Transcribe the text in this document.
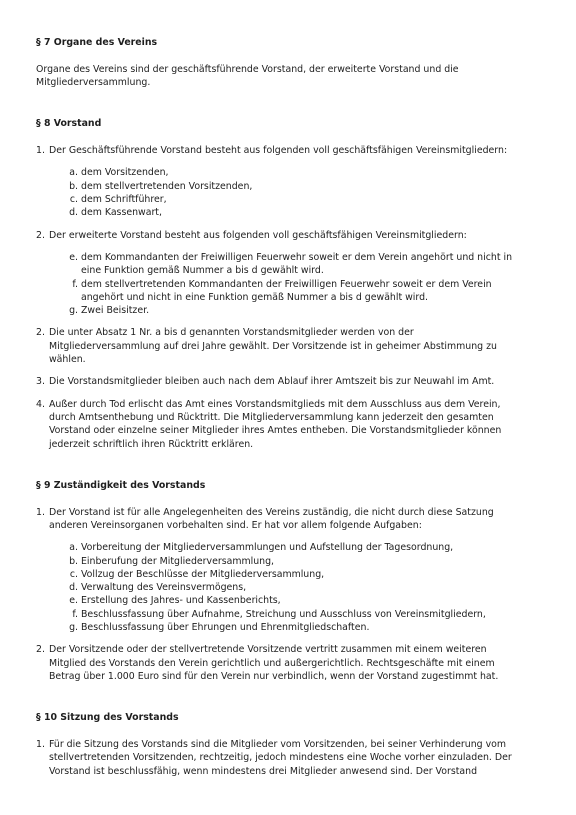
§ 7 Organe des Vereins
Organe des Vereins sind der geschäftsführende Vorstand, der erweiterte Vorstand und die
Mitgliederversammlung.
§ 8 Vorstand
1. Der Geschäftsführende Vorstand besteht aus folgenden voll geschäftsfähigen Vereinsmitgliedern:
a. dem Vorsitzenden,
b. dem stellvertretenden Vorsitzenden,
c. dem Schriftführer,
d. dem Kassenwart,
2. Der erweiterte Vorstand besteht aus folgenden voll geschäftsfähigen Vereinsmitgliedern:
e. dem Kommandanten der Freiwilligen Feuerwehr soweit er dem Verein angehört und nicht in
eine Funktion gemäß Nummer a bis d gewählt wird.
f. dem stellvertretenden Kommandanten der Freiwilligen Feuerwehr soweit er dem Verein
angehört und nicht in eine Funktion gemäß Nummer a bis d gewählt wird.
g. Zwei Beisitzer.
2. Die unter Absatz 1 Nr. a bis d genannten Vorstandsmitglieder werden von der
Mitgliederversammlung auf drei Jahre gewählt. Der Vorsitzende ist in geheimer Abstimmung zu
wählen.
3. Die Vorstandsmitglieder bleiben auch nach dem Ablauf ihrer Amtszeit bis zur Neuwahl im Amt.
4. Außer durch Tod erlischt das Amt eines Vorstandsmitglieds mit dem Ausschluss aus dem Verein,
durch Amtsenthebung und Rücktritt. Die Mitgliederversammlung kann jederzeit den gesamten
Vorstand oder einzelne seiner Mitglieder ihres Amtes entheben. Die Vorstandsmitglieder können
jederzeit schriftlich ihren Rücktritt erklären.
§ 9 Zuständigkeit des Vorstands
1. Der Vorstand ist für alle Angelegenheiten des Vereins zuständig, die nicht durch diese Satzung
anderen Vereinsorganen vorbehalten sind. Er hat vor allem folgende Aufgaben:
a. Vorbereitung der Mitgliederversammlungen und Aufstellung der Tagesordnung,
b. Einberufung der Mitgliederversammlung,
c. Vollzug der Beschlüsse der Mitgliederversammlung,
d. Verwaltung des Vereinsvermögens,
e. Erstellung des Jahres- und Kassenberichts,
f. Beschlussfassung über Aufnahme, Streichung und Ausschluss von Vereinsmitgliedern,
g. Beschlussfassung über Ehrungen und Ehrenmitgliedschaften.
2. Der Vorsitzende oder der stellvertretende Vorsitzende vertritt zusammen mit einem weiteren
Mitglied des Vorstands den Verein gerichtlich und außergerichtlich. Rechtsgeschäfte mit einem
Betrag über 1.000 Euro sind für den Verein nur verbindlich, wenn der Vorstand zugestimmt hat.
§ 10 Sitzung des Vorstands
1. Für die Sitzung des Vorstands sind die Mitglieder vom Vorsitzenden, bei seiner Verhinderung vom
stellvertretenden Vorsitzenden, rechtzeitig, jedoch mindestens eine Woche vorher einzuladen. Der
Vorstand ist beschlussfähig, wenn mindestens drei Mitglieder anwesend sind. Der Vorstand
